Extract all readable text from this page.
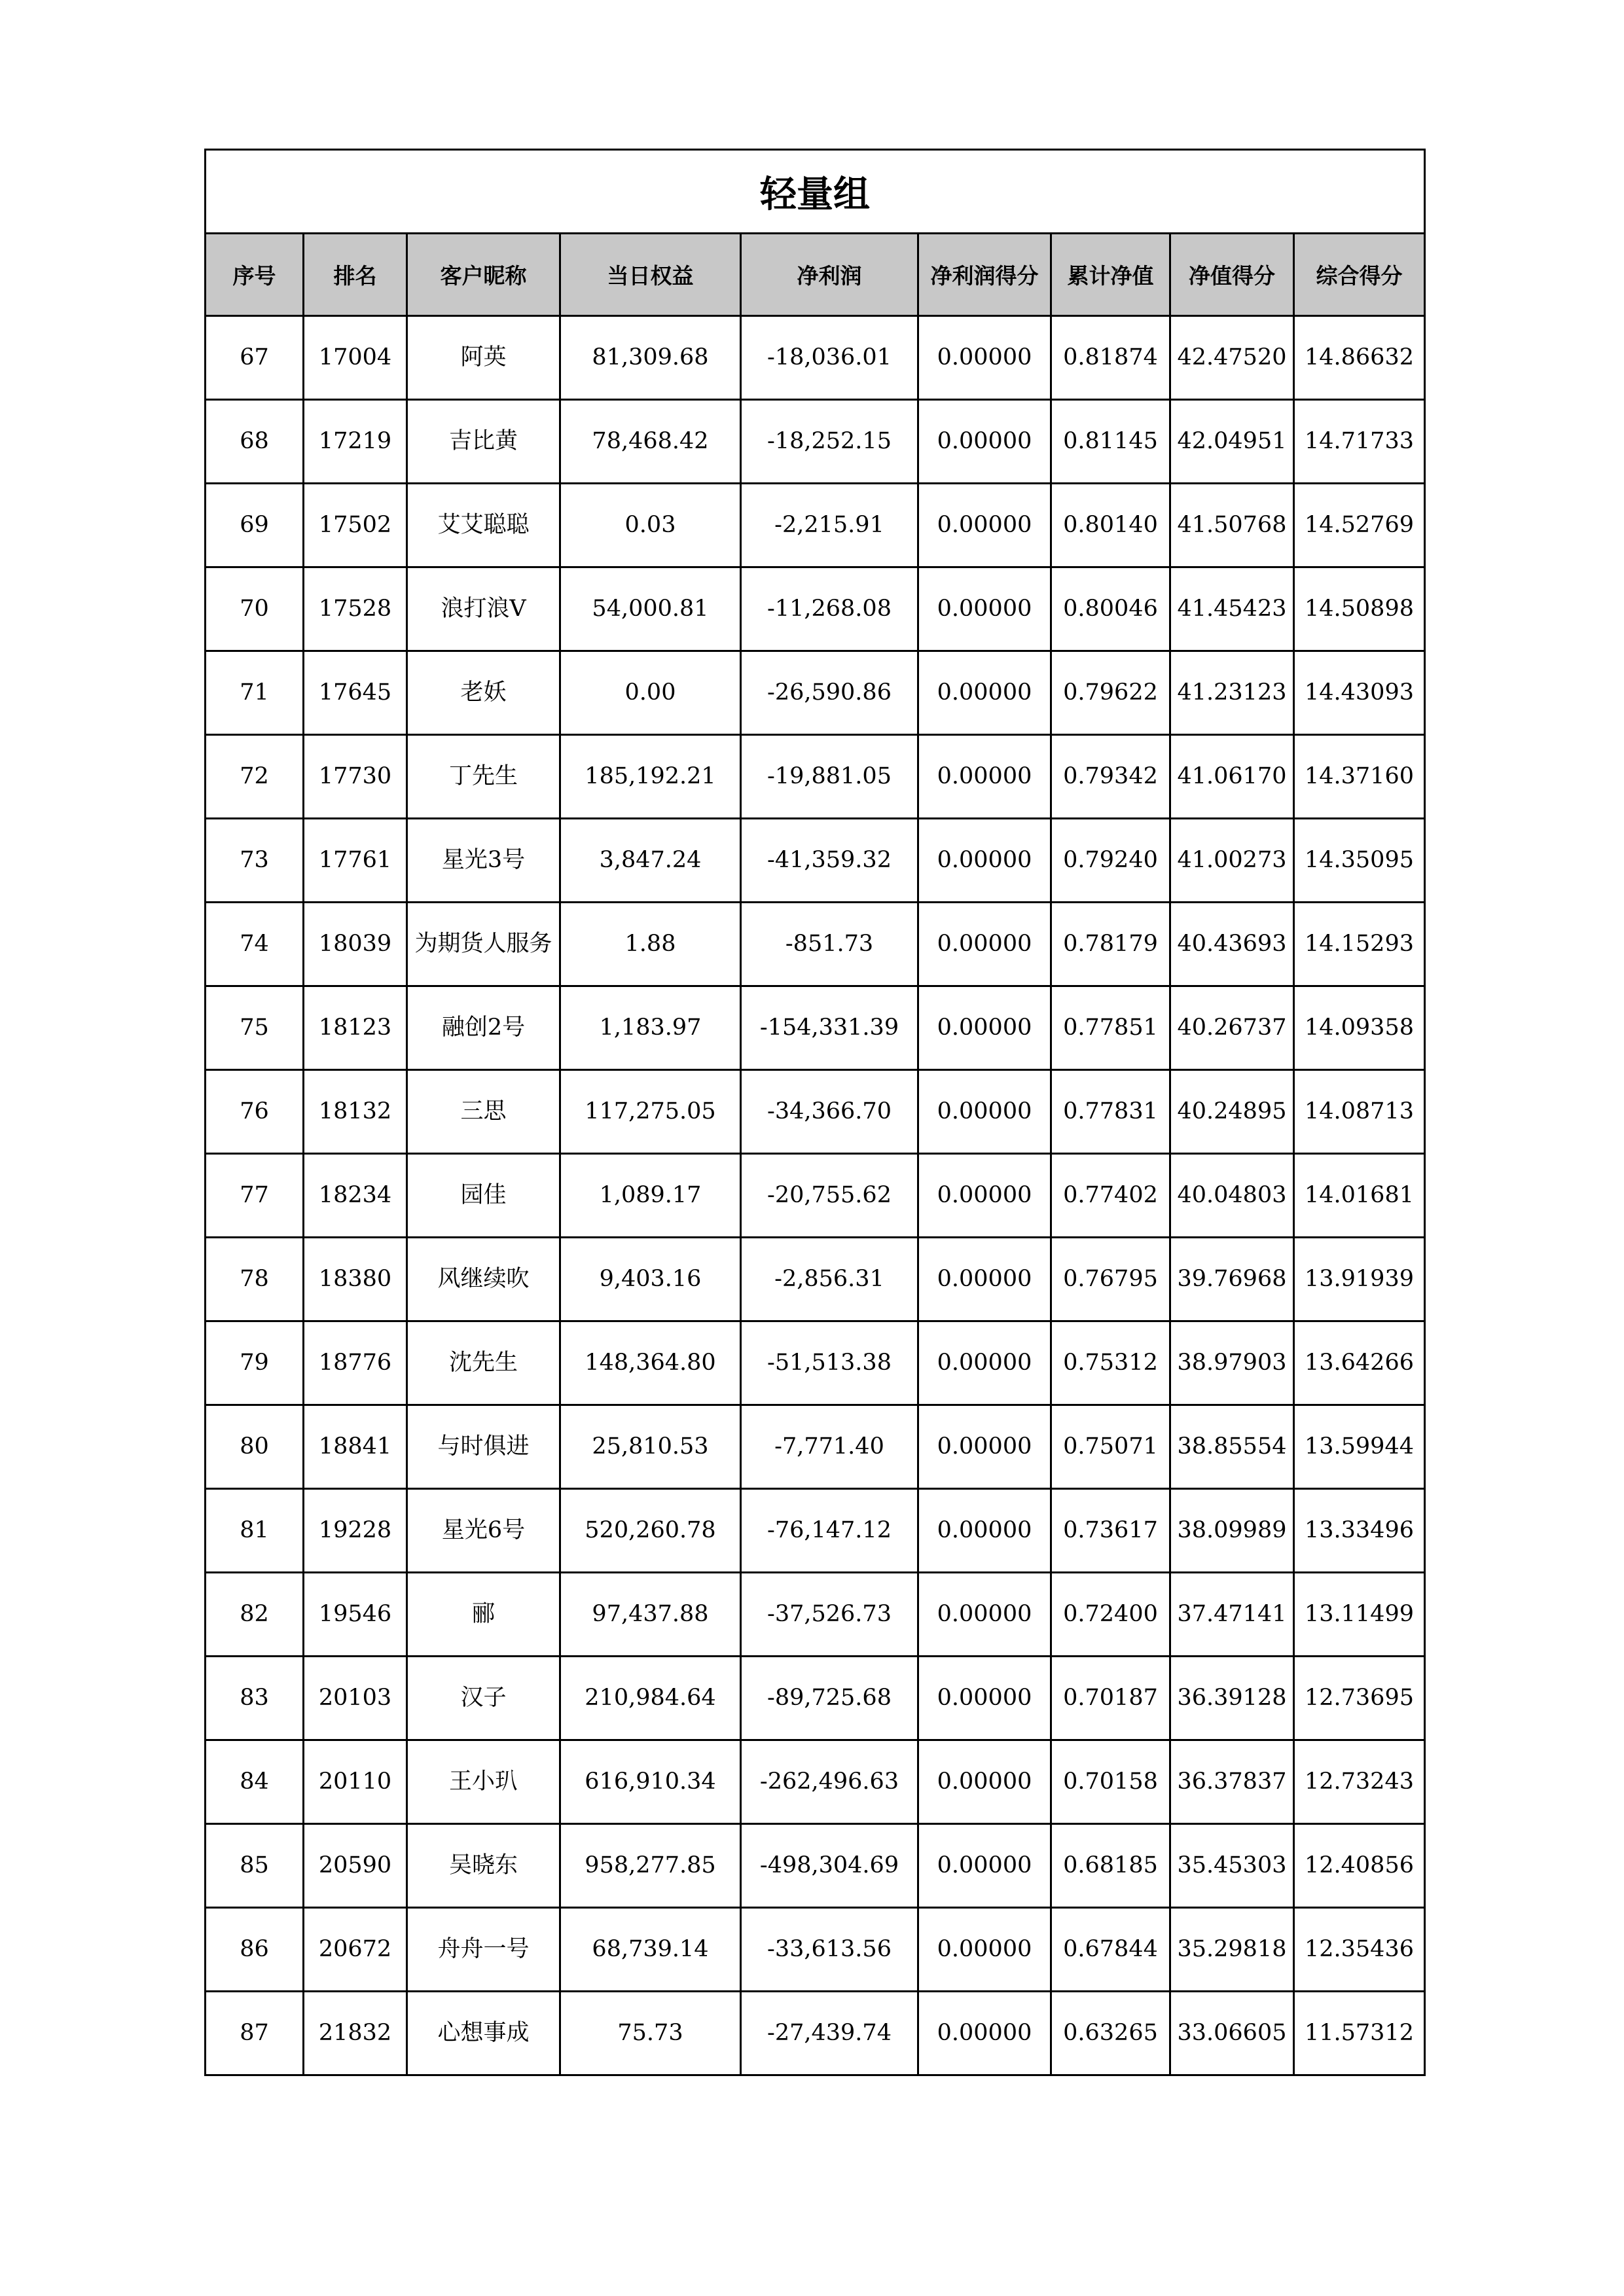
轻量组								
序号	排名	客户昵称	当日权益	净利润	净利润得分	累计净值	净值得分	综合得分
67	17004	阿英	81,309.68	-18,036.01	0.00000	0.81874	42.47520	14.86632
68	17219	吉比黄	78,468.42	-18,252.15	0.00000	0.81145	42.04951	14.71733
69	17502	艾艾聪聪	0.03	-2,215.91	0.00000	0.80140	41.50768	14.52769
70	17528	浪打浪V	54,000.81	-11,268.08	0.00000	0.80046	41.45423	14.50898
71	17645	老妖	0.00	-26,590.86	0.00000	0.79622	41.23123	14.43093
72	17730	丁先生	185,192.21	-19,881.05	0.00000	0.79342	41.06170	14.37160
73	17761	星光3号	3,847.24	-41,359.32	0.00000	0.79240	41.00273	14.35095
74	18039	为期货人服务	1.88	-851.73	0.00000	0.78179	40.43693	14.15293
75	18123	融创2号	1,183.97	-154,331.39	0.00000	0.77851	40.26737	14.09358
76	18132	三思	117,275.05	-34,366.70	0.00000	0.77831	40.24895	14.08713
77	18234	园佳	1,089.17	-20,755.62	0.00000	0.77402	40.04803	14.01681
78	18380	风继续吹	9,403.16	-2,856.31	0.00000	0.76795	39.76968	13.91939
79	18776	沈先生	148,364.80	-51,513.38	0.00000	0.75312	38.97903	13.64266
80	18841	与时俱进	25,810.53	-7,771.40	0.00000	0.75071	38.85554	13.59944
81	19228	星光6号	520,260.78	-76,147.12	0.00000	0.73617	38.09989	13.33496
82	19546	郦	97,437.88	-37,526.73	0.00000	0.72400	37.47141	13.11499
83	20103	汉子	210,984.64	-89,725.68	0.00000	0.70187	36.39128	12.73695
84	20110	王小玐	616,910.34	-262,496.63	0.00000	0.70158	36.37837	12.73243
85	20590	吴晓东	958,277.85	-498,304.69	0.00000	0.68185	35.45303	12.40856
86	20672	舟舟一号	68,739.14	-33,613.56	0.00000	0.67844	35.29818	12.35436
87	21832	心想事成	75.73	-27,439.74	0.00000	0.63265	33.06605	11.57312
